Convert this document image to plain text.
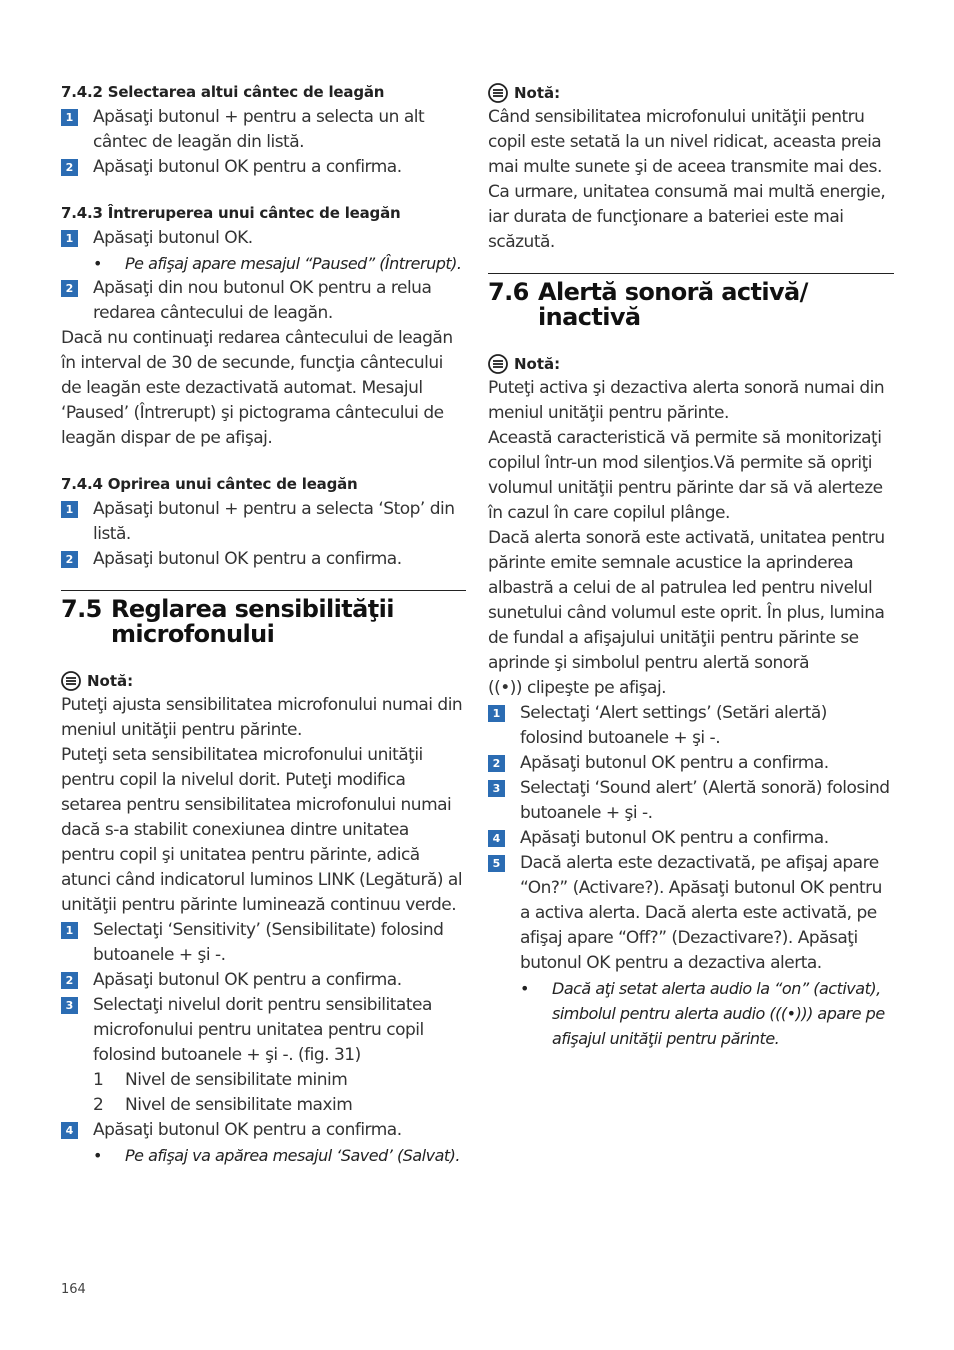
7.4.2 Selectarea altui cântec de leagăn
1 Apăsaţi butonul + pentru a selecta un alt cântec de leagăn din listă.
2 Apăsaţi butonul OK pentru a confirma.
7.4.3 Întreruperea unui cântec de leagăn
1 Apăsaţi butonul OK.
• Pe afişaj apare mesajul “Paused” (Întrerupt).
2 Apăsaţi din nou butonul OK pentru a relua redarea cântecului de leagăn.
Dacă nu continuaţi redarea cântecului de leagăn în interval de 30 de secunde, funcţia cântecului de leagăn este dezactivată automat. Mesajul ‘Paused’ (Întrerupt) şi pictograma cântecului de leagăn dispar de pe afişaj.
7.4.4 Oprirea unui cântec de leagăn
1 Apăsaţi butonul + pentru a selecta ‘Stop’ din listă.
2 Apăsaţi butonul OK pentru a confirma.
7.5 Reglarea sensibilităţii microfonului
Notă:
Puteţi ajusta sensibilitatea microfonului numai din meniul unităţii pentru părinte.
Puteţi seta sensibilitatea microfonului unităţii pentru copil la nivelul dorit. Puteţi modifica setarea pentru sensibilitatea microfonului numai dacă s-a stabilit conexiunea dintre unitatea pentru copil şi unitatea pentru părinte, adică atunci când indicatorul luminos LINK (Legătură) al unităţii pentru părinte luminează continuu verde.
1 Selectaţi ‘Sensitivity’ (Sensibilitate) folosind butoanele + şi -.
2 Apăsaţi butonul OK pentru a confirma.
3 Selectaţi nivelul dorit pentru sensibilitatea microfonului pentru unitatea pentru copil folosind butoanele + şi -. (fig. 31)
1 Nivel de sensibilitate minim
2 Nivel de sensibilitate maxim
4 Apăsaţi butonul OK pentru a confirma.
• Pe afişaj va apărea mesajul ‘Saved’ (Salvat).
Notă:
Când sensibilitatea microfonului unităţii pentru copil este setată la un nivel ridicat, aceasta preia mai multe sunete şi de aceea transmite mai des. Ca urmare, unitatea consumă mai multă energie, iar durata de funcţionare a bateriei este mai scăzută.
7.6 Alertă sonoră activă/ inactivă
Notă:
Puteţi activa şi dezactiva alerta sonoră numai din meniul unităţii pentru părinte.
Această caracteristică vă permite să monitorizaţi copilul într-un mod silenţios.Vă permite să opriţi volumul unităţii pentru părinte dar să vă alerteze în cazul în care copilul plânge.
Dacă alerta sonoră este activată, unitatea pentru părinte emite semnale acustice la aprinderea albastră a celui de al patrulea led pentru nivelul sunetului când volumul este oprit. În plus, lumina de fundal a afişajului unităţii pentru părinte se aprinde şi simbolul pentru alertă sonoră
((•)) clipeşte pe afişaj.
1 Selectaţi ‘Alert settings’ (Setări alertă) folosind butoanele + şi -.
2 Apăsaţi butonul OK pentru a confirma.
3 Selectaţi ‘Sound alert’ (Alertă sonoră) folosind butoanele + şi -.
4 Apăsaţi butonul OK pentru a confirma.
5 Dacă alerta este dezactivată, pe afişaj apare “On?” (Activare?). Apăsaţi butonul OK pentru a activa alerta. Dacă alerta este activată, pe afişaj apare “Off?” (Dezactivare?). Apăsaţi butonul OK pentru a dezactiva alerta.
• Dacă aţi setat alerta audio la “on” (activat), simbolul pentru alerta audio (((•))) apare pe afişajul unităţii pentru părinte.
164
